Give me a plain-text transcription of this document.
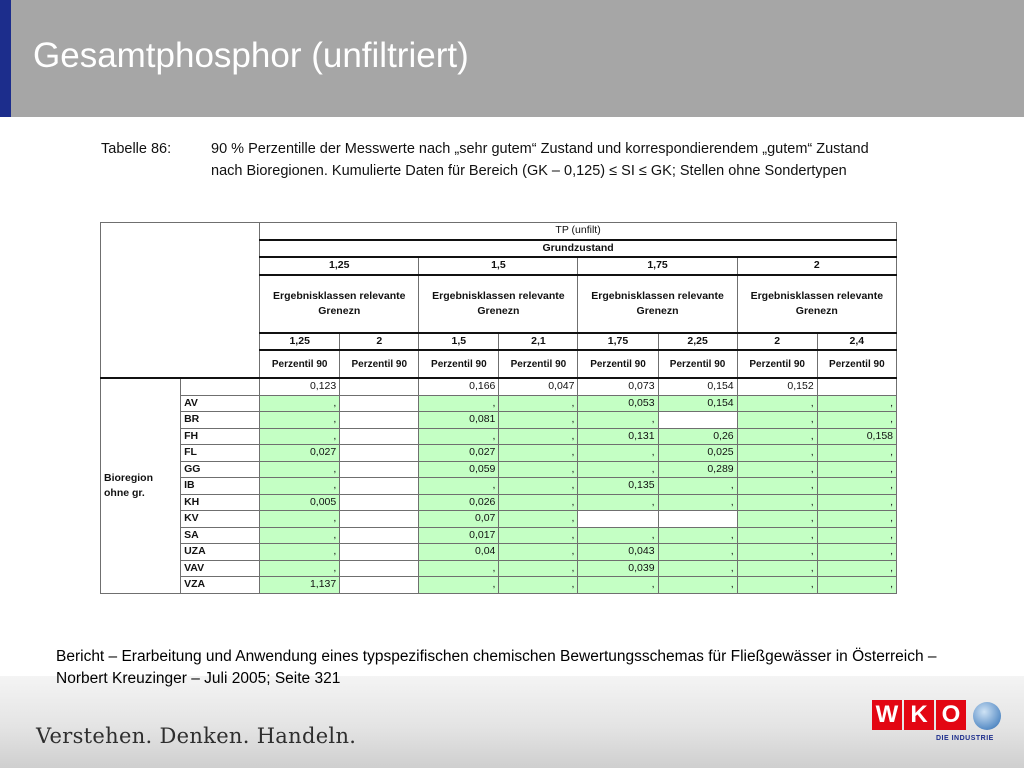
Gesamtphosphor (unfiltriert)
Tabelle 86:	90 % Perzentille der Messwerte nach „sehr gutem“ Zustand und korrespondierendem „gutem“ Zustand nach Bioregionen. Kumulierte Daten für Bereich (GK – 0,125) ≤ SI ≤ GK; Stellen ohne Sondertypen
		TP (unfilt)							
		Grundzustand							
		1,25		1,5		1,75		2	
		Ergebnisklassen relevante Grenezn		Ergebnisklassen relevante Grenezn		Ergebnisklassen relevante Grenezn		Ergebnisklassen relevante Grenezn	
		1,25	2	1,5	2,1	1,75	2,25	2	2,4
		Perzentil 90	Perzentil 90	Perzentil 90	Perzentil 90	Perzentil 90	Perzentil 90	Perzentil 90	Perzentil 90
Bioregion ohne gr.		0,123		0,166	0,047	0,073	0,154	0,152	
	AV	,		,	,	0,053	0,154	,	,
	BR	,		0,081	,	,		,	,
	FH	,		,	,	0,131	0,26	,	0,158
	FL	0,027		0,027	,	,	0,025	,	,
	GG	,		0,059	,	,	0,289	,	,
	IB	,		,	,	0,135	,	,	,
	KH	0,005		0,026	,	,	,	,	,
	KV	,		0,07	,			,	,
	SA	,		0,017	,	,	,	,	,
	UZA	,		0,04	,	0,043	,	,	,
	VAV	,		,	,	0,039	,	,	,
	VZA	1,137		,	,	,	,	,	,
Bericht – Erarbeitung und Anwendung eines typspezifischen chemischen Bewertungsschemas für Fließgewässer in Österreich – Norbert Kreuzinger – Juli 2005; Seite 321
Verstehen. Denken. Handeln.
W K O
DIE INDUSTRIE
